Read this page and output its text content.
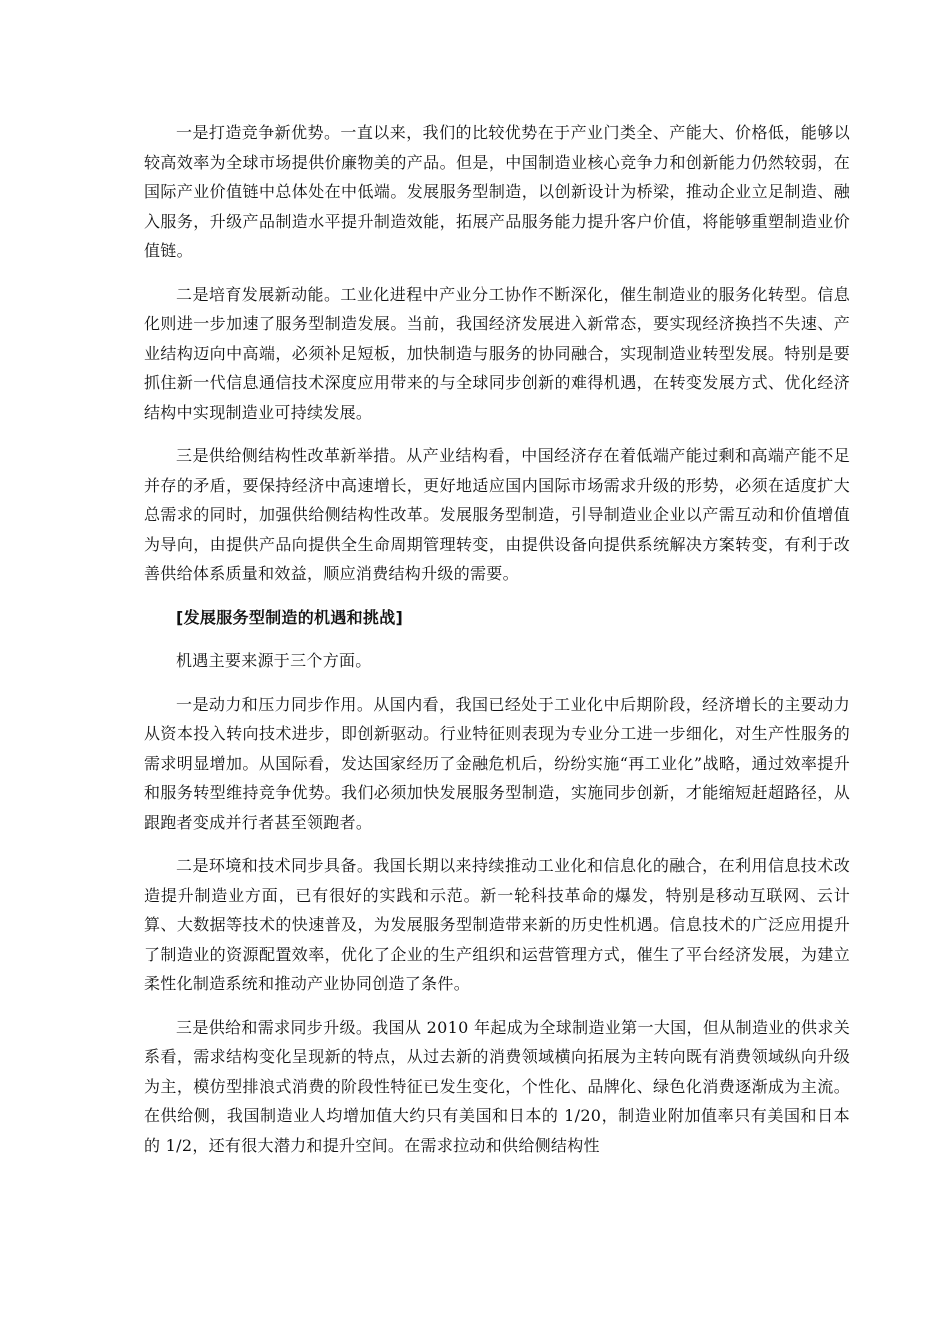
一是打造竞争新优势。一直以来，我们的比较优势在于产业门类全、产能大、价格低，能够以较高效率为全球市场提供价廉物美的产品。但是，中国制造业核心竞争力和创新能力仍然较弱，在国际产业价值链中总体处在中低端。发展服务型制造，以创新设计为桥梁，推动企业立足制造、融入服务，升级产品制造水平提升制造效能，拓展产品服务能力提升客户价值，将能够重塑制造业价值链。

二是培育发展新动能。工业化进程中产业分工协作不断深化，催生制造业的服务化转型。信息化则进一步加速了服务型制造发展。当前，我国经济发展进入新常态，要实现经济换挡不失速、产业结构迈向中高端，必须补足短板，加快制造与服务的协同融合，实现制造业转型发展。特别是要抓住新一代信息通信技术深度应用带来的与全球同步创新的难得机遇，在转变发展方式、优化经济结构中实现制造业可持续发展。

三是供给侧结构性改革新举措。从产业结构看，中国经济存在着低端产能过剩和高端产能不足并存的矛盾，要保持经济中高速增长，更好地适应国内国际市场需求升级的形势，必须在适度扩大总需求的同时，加强供给侧结构性改革。发展服务型制造，引导制造业企业以产需互动和价值增值为导向，由提供产品向提供全生命周期管理转变，由提供设备向提供系统解决方案转变，有利于改善供给体系质量和效益，顺应消费结构升级的需要。

[发展服务型制造的机遇和挑战]

机遇主要来源于三个方面。

一是动力和压力同步作用。从国内看，我国已经处于工业化中后期阶段，经济增长的主要动力从资本投入转向技术进步，即创新驱动。行业特征则表现为专业分工进一步细化，对生产性服务的需求明显增加。从国际看，发达国家经历了金融危机后，纷纷实施“再工业化”战略，通过效率提升和服务转型维持竞争优势。我们必须加快发展服务型制造，实施同步创新，才能缩短赶超路径，从跟跑者变成并行者甚至领跑者。

二是环境和技术同步具备。我国长期以来持续推动工业化和信息化的融合，在利用信息技术改造提升制造业方面，已有很好的实践和示范。新一轮科技革命的爆发，特别是移动互联网、云计算、大数据等技术的快速普及，为发展服务型制造带来新的历史性机遇。信息技术的广泛应用提升了制造业的资源配置效率，优化了企业的生产组织和运营管理方式，催生了平台经济发展，为建立柔性化制造系统和推动产业协同创造了条件。

三是供给和需求同步升级。我国从 2010 年起成为全球制造业第一大国，但从制造业的供求关系看，需求结构变化呈现新的特点，从过去新的消费领域横向拓展为主转向既有消费领域纵向升级为主，模仿型排浪式消费的阶段性特征已发生变化，个性化、品牌化、绿色化消费逐渐成为主流。在供给侧，我国制造业人均增加值大约只有美国和日本的 1/20，制造业附加值率只有美国和日本的 1/2，还有很大潜力和提升空间。在需求拉动和供给侧结构性
